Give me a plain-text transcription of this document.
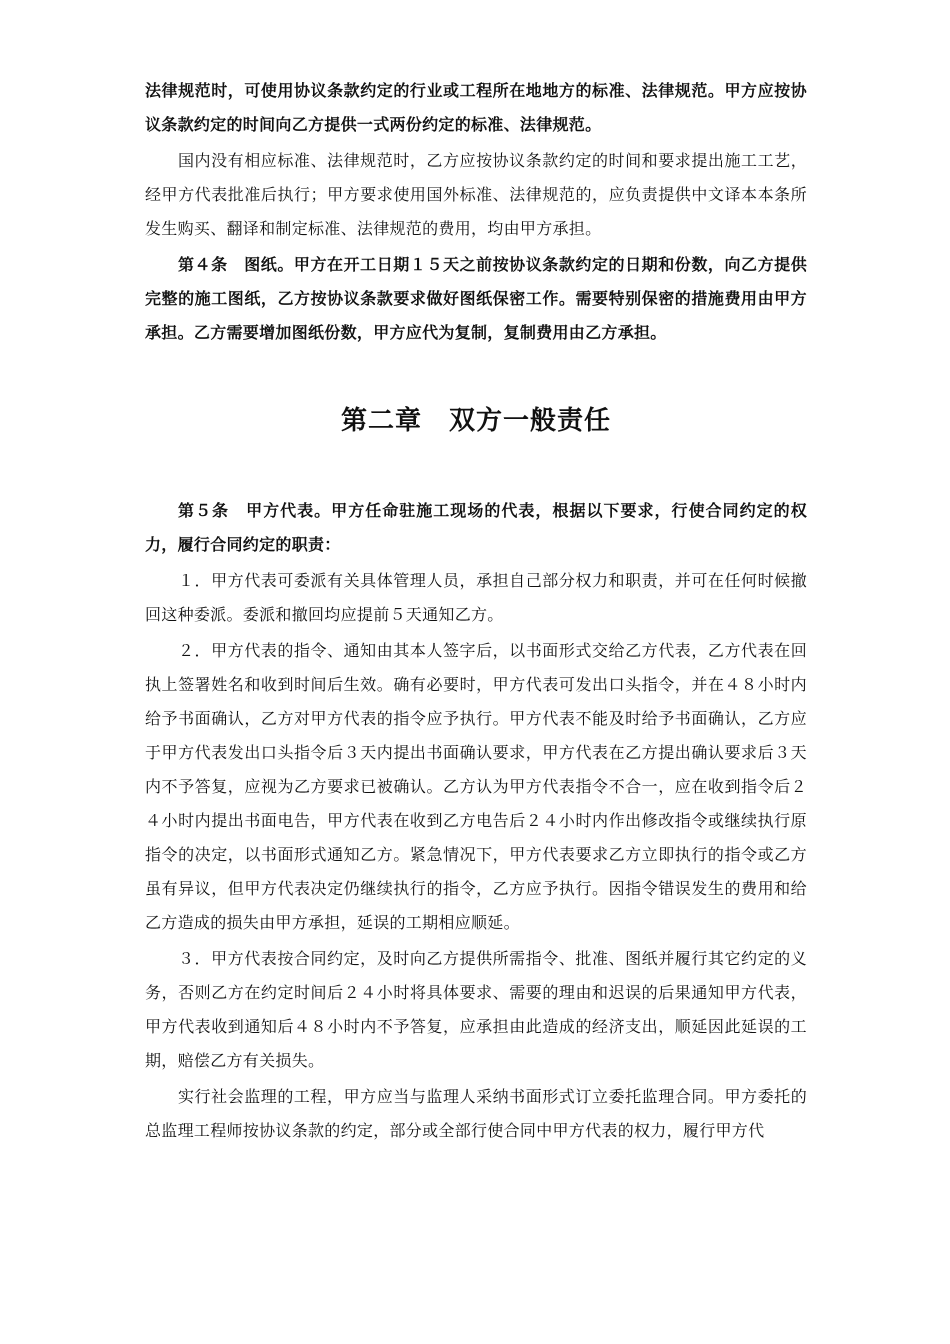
法律规范时，可使用协议条款约定的行业或工程所在地地方的标准、法律规范。甲方应按协议条款约定的时间向乙方提供一式两份约定的标准、法律规范。

国内没有相应标准、法律规范时，乙方应按协议条款约定的时间和要求提出施工工艺，经甲方代表批准后执行；甲方要求使用国外标准、法律规范的，应负责提供中文译本本条所发生购买、翻译和制定标准、法律规范的费用，均由甲方承担。

第４条　图纸。甲方在开工日期１５天之前按协议条款约定的日期和份数，向乙方提供完整的施工图纸，乙方按协议条款要求做好图纸保密工作。需要特别保密的措施费用由甲方承担。乙方需要增加图纸份数，甲方应代为复制，复制费用由乙方承担。

第二章　双方一般责任

第５条　甲方代表。甲方任命驻施工现场的代表，根据以下要求，行使合同约定的权力，履行合同约定的职责：

１．甲方代表可委派有关具体管理人员，承担自己部分权力和职责，并可在任何时候撤回这种委派。委派和撤回均应提前５天通知乙方。

２．甲方代表的指令、通知由其本人签字后，以书面形式交给乙方代表，乙方代表在回执上签署姓名和收到时间后生效。确有必要时，甲方代表可发出口头指令，并在４８小时内给予书面确认，乙方对甲方代表的指令应予执行。甲方代表不能及时给予书面确认，乙方应于甲方代表发出口头指令后３天内提出书面确认要求，甲方代表在乙方提出确认要求后３天内不予答复，应视为乙方要求已被确认。乙方认为甲方代表指令不合一，应在收到指令后２４小时内提出书面电告，甲方代表在收到乙方电告后２４小时内作出修改指令或继续执行原指令的决定，以书面形式通知乙方。紧急情况下，甲方代表要求乙方立即执行的指令或乙方虽有异议，但甲方代表决定仍继续执行的指令，乙方应予执行。因指令错误发生的费用和给乙方造成的损失由甲方承担，延误的工期相应顺延。

３．甲方代表按合同约定，及时向乙方提供所需指令、批准、图纸并履行其它约定的义务，否则乙方在约定时间后２４小时将具体要求、需要的理由和迟误的后果通知甲方代表，甲方代表收到通知后４８小时内不予答复，应承担由此造成的经济支出，顺延因此延误的工期，赔偿乙方有关损失。

实行社会监理的工程，甲方应当与监理人采纳书面形式订立委托监理合同。甲方委托的总监理工程师按协议条款的约定，部分或全部行使合同中甲方代表的权力，履行甲方代
